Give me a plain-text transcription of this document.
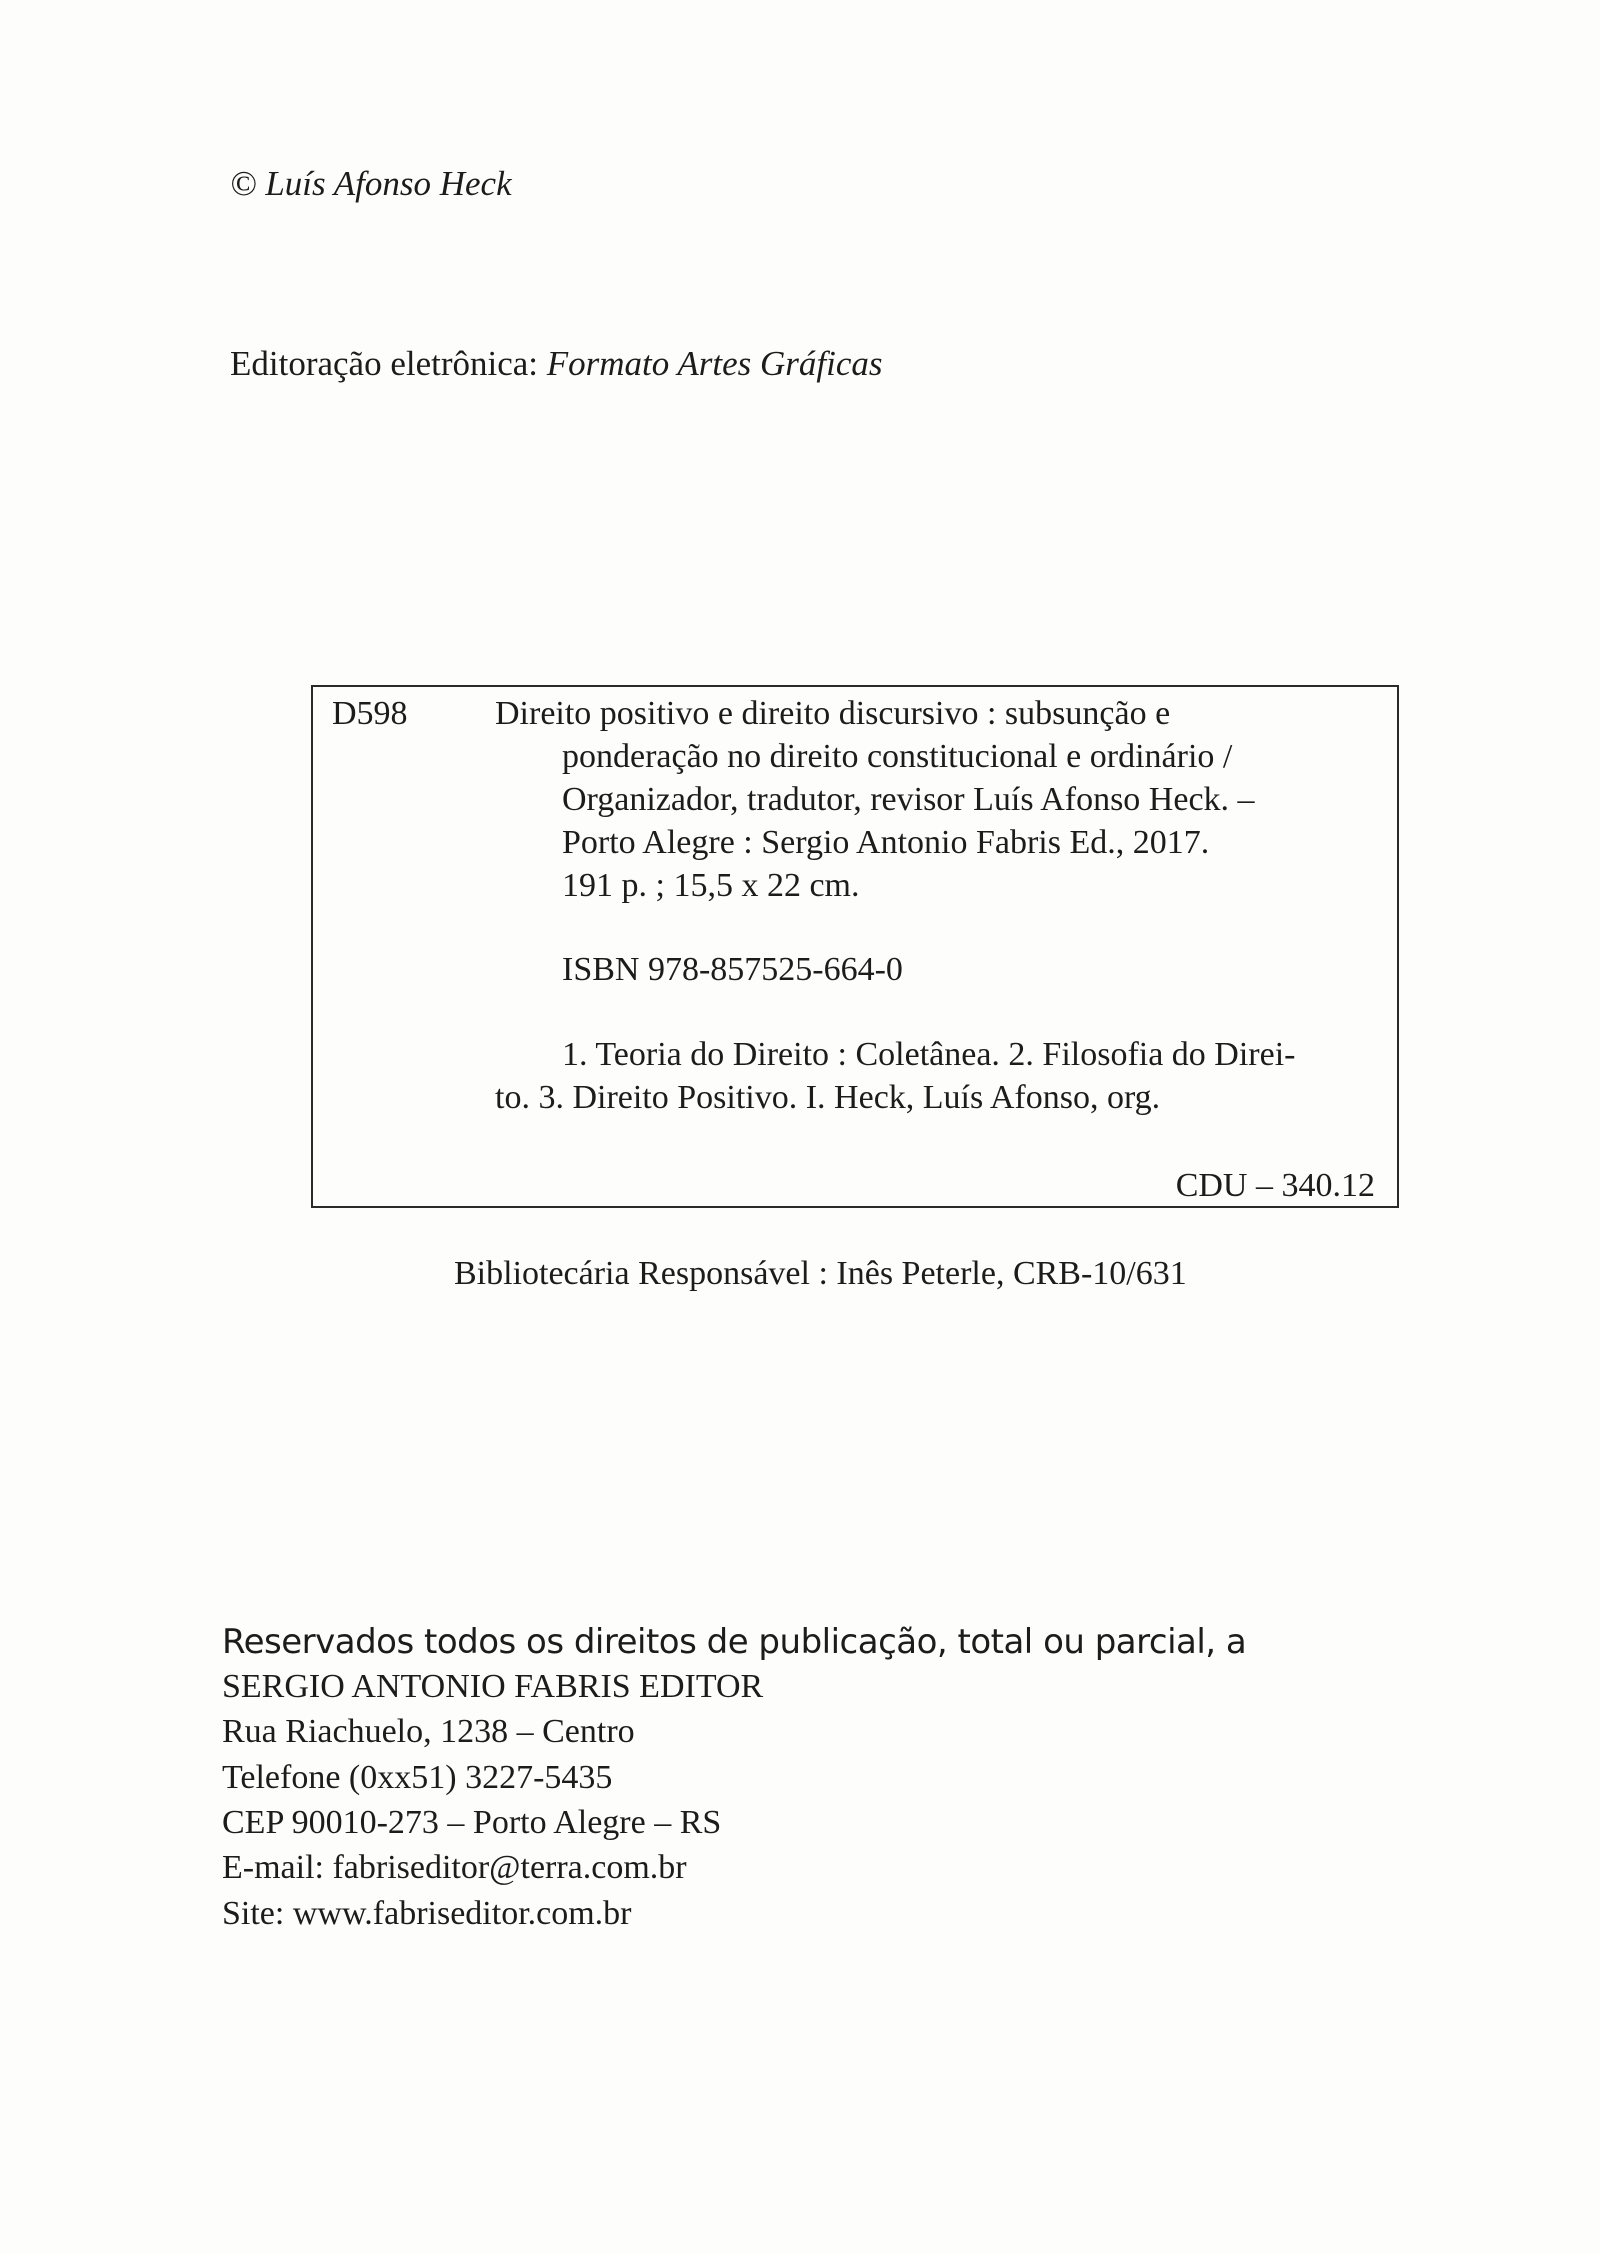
© Luís Afonso Heck
Editoração eletrônica: Formato Artes Gráficas
D598	Direito positivo e direito discursivo : subsunção e
ponderação no direito constitucional e ordinário /
Organizador, tradutor, revisor Luís Afonso Heck. –
Porto Alegre : Sergio Antonio Fabris Ed., 2017.
191 p. ; 15,5 x 22 cm.
ISBN 978-857525-664-0
1. Teoria do Direito : Coletânea. 2. Filosofia do Direi-
to. 3. Direito Positivo. I. Heck, Luís Afonso, org.
CDU – 340.12
Bibliotecária Responsável : Inês Peterle, CRB-10/631
Reservados todos os direitos de publicação, total ou parcial, a
SERGIO ANTONIO FABRIS EDITOR
Rua Riachuelo, 1238 – Centro
Telefone (0xx51) 3227-5435
CEP 90010-273 – Porto Alegre – RS
E-mail: fabriseditor@terra.com.br
Site: www.fabriseditor.com.br
